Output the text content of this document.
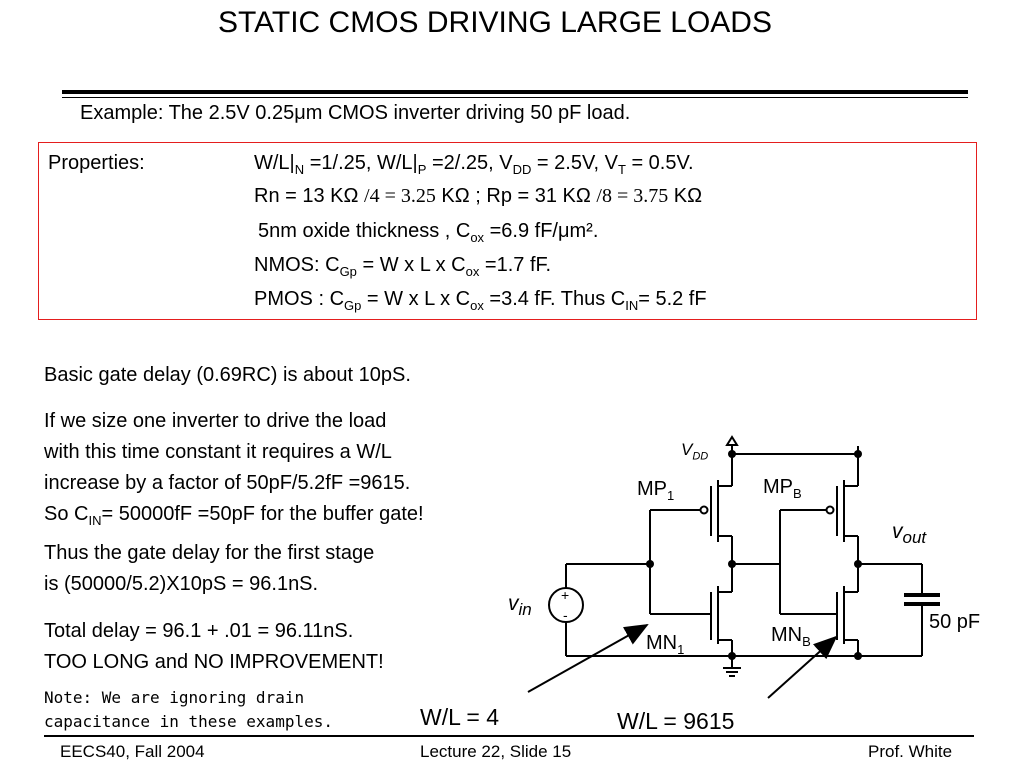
STATIC CMOS DRIVING LARGE LOADS
Example: The 2.5V 0.25μm CMOS inverter driving 50 pF load.
Properties:	$W/L|_N =1/.25$, $W/L|_P =2/.25$, $V_{DD} = 2.5V$, $V_T = 0.5V$.
Rn = 13 KΩ /4 = 3.25 KΩ ; Rp = 31 KΩ /8 = 3.75 KΩ
5nm oxide thickness , $C_{ox} =6.9$ fF/μm².
NMOS: $C_{Gp} = W$ x L x $C_{ox} =1.7$ fF.
PMOS : $C_{Gp} = W$ x L x $C_{ox} =3.4$ fF. Thus $C_{IN}= 5.2$ fF
Basic gate delay (0.69RC) is about 10pS.
If we size one inverter to drive the load
with this time constant it requires a W/L
increase by a factor of 50pF/5.2fF =9615.
So $C_{IN}= 50000fF =50pF$ for the buffer gate!
Thus the gate delay for the first stage
is (50000/5.2)X10pS = 96.1nS.
Total delay = 96.1 + .01 = 96.11nS.
TOO LONG and NO IMPROVEMENT!
Note: We are ignoring drain
capacitance in these examples.
$V_{DD}$
$MP_1$	$MP_B$
$MN_1$
$MN_B$
$v_{out}$
$v_{in}$
+
-	50 pF
W/L = 4	W/L = 9615
EECS40, Fall 2004	Lecture 22, Slide 15	Prof. White
